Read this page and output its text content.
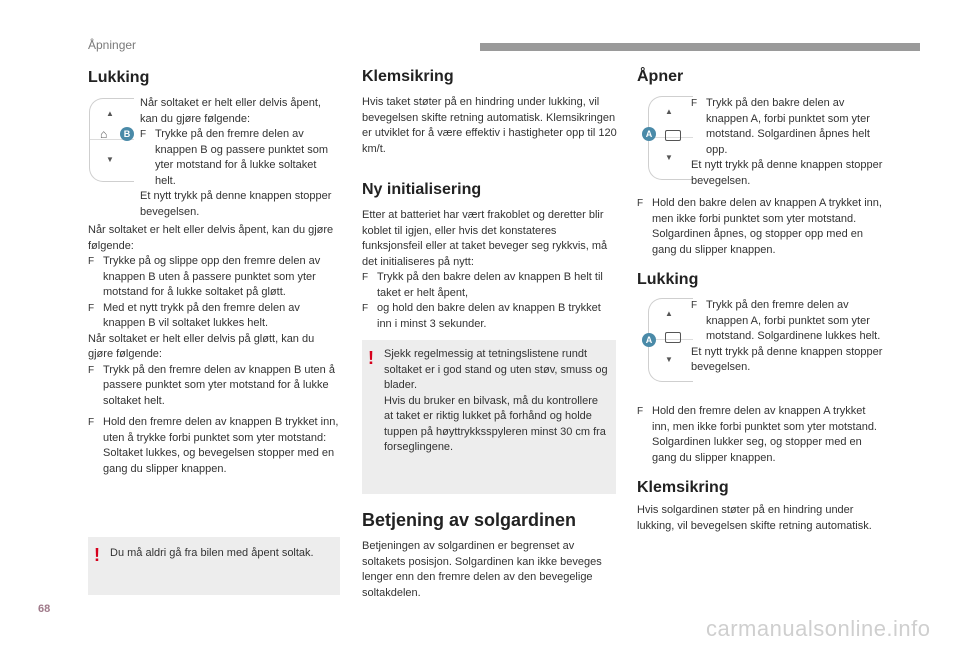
Åpninger
Lukking
▲
▼
⌂	B

Når soltaket er helt eller delvis åpent, kan du gjøre følgende:

F Trykke på den fremre delen av knappen B og passere punktet som yter motstand for å lukke soltaket helt.

Et nytt trykk på denne knappen stopper bevegelsen.

Når soltaket er helt eller delvis åpent, kan du gjøre følgende:

F Trykke på og slippe opp den fremre delen av knappen B uten å passere punktet som yter motstand for å lukke soltaket på gløtt.
F Med et nytt trykk på den fremre delen av knappen B vil soltaket lukkes helt.

Når soltaket er helt eller delvis på gløtt, kan du gjøre følgende:

F Trykk på den fremre delen av knappen B uten å passere punktet som yter motstand for å lukke soltaket helt.
F Hold den fremre delen av knappen B trykket inn, uten å trykke forbi punktet som yter motstand: Soltaket lukkes, og bevegelsen stopper med en gang du slipper knappen.
! Du må aldri gå fra bilen med åpent soltak.
Klemsikring

Hvis taket støter på en hindring under lukking, vil bevegelsen skifte retning automatisk. Klemsikringen er utviklet for å være effektiv i hastigheter opp til 120 km/t.

Ny initialisering

Etter at batteriet har vært frakoblet og deretter blir koblet til igjen, eller hvis det konstateres funksjonsfeil eller at taket beveger seg rykkvis, må det initialiseres på nytt:

F Trykk på den bakre delen av knappen B helt til taket er helt åpent,
F og hold den bakre delen av knappen B trykket inn i minst 3 sekunder.
! Sjekk regelmessig at tetningslistene rundt soltaket er i god stand og uten støv, smuss og blader.
Hvis du bruker en bilvask, må du kontrollere at taket er riktig lukket på forhånd og holde tuppen på høyttrykksspyleren minst 30 cm fra forseglingene.
Betjening av solgardinen

Betjeningen av solgardinen er begrenset av soltakets posisjon. Solgardinen kan ikke beveges lenger enn den fremre delen av den bevegelige soltakdelen.

Åpner
▲
▼
A
F Trykk på den bakre delen av knappen A, forbi punktet som yter motstand. Solgardinen åpnes helt opp.

Et nytt trykk på denne knappen stopper bevegelsen.

F Hold den bakre delen av knappen A trykket inn, men ikke forbi punktet som yter motstand. Solgardinen åpnes, og stopper opp med en gang du slipper knappen.
Lukking
▲
▼
A
F Trykk på den fremre delen av knappen A, forbi punktet som yter motstand. Solgardinene lukkes helt.

Et nytt trykk på denne knappen stopper bevegelsen.

F Hold den fremre delen av knappen A trykket inn, men ikke forbi punktet som yter motstand. Solgardinen lukker seg, og stopper med en gang du slipper knappen.
Klemsikring

Hvis solgardinen støter på en hindring under lukking, vil bevegelsen skifte retning automatisk.

68
carmanualsonline.info
